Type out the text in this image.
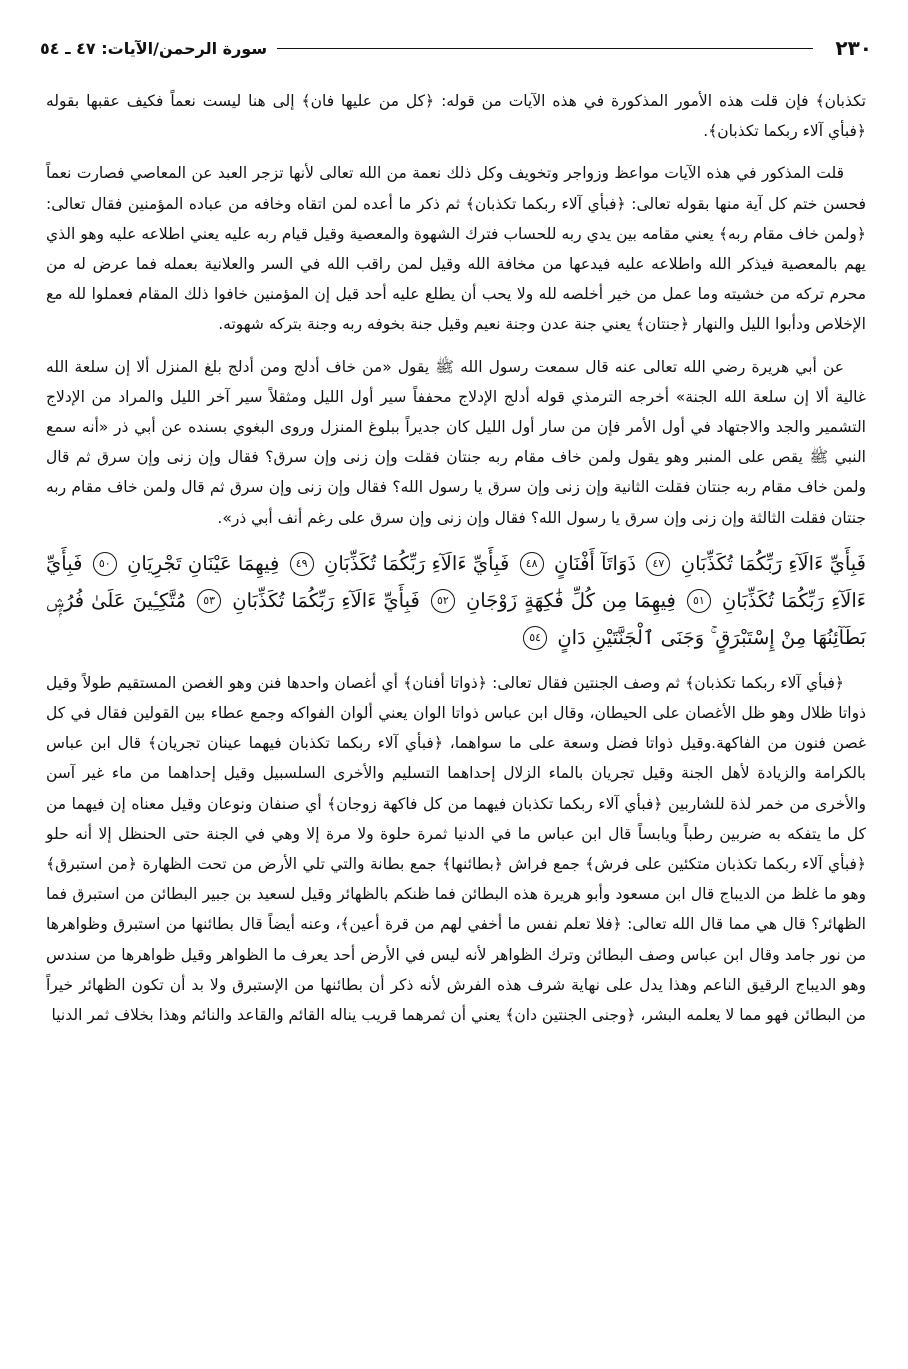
٢٣٠
سورة الرحمن/الآيات: ٤٧ ـ ٥٤

تكذبان﴾ فإن قلت هذه الأمور المذكورة في هذه الآيات من قوله: ﴿كل من عليها فان﴾ إلى هنا ليست نعماً فكيف عقبها بقوله ﴿فبأي آلاء ربكما تكذبان﴾.

قلت المذكور في هذه الآيات مواعظ وزواجر وتخويف وكل ذلك نعمة من الله تعالى لأنها تزجر العبد عن المعاصي فصارت نعماً فحسن ختم كل آية منها بقوله تعالى: ﴿فبأي آلاء ربكما تكذبان﴾ ثم ذكر ما أعده لمن اتقاه وخافه من عباده المؤمنين فقال تعالى: ﴿ولمن خاف مقام ربه﴾ يعني مقامه بين يدي ربه للحساب فترك الشهوة والمعصية وقيل قيام ربه عليه يعني اطلاعه عليه وهو الذي يهم بالمعصية فيذكر الله واطلاعه عليه فيدعها من مخافة الله وقيل لمن راقب الله في السر والعلانية بعمله فما عرض له من محرم تركه من خشيته وما عمل من خير أخلصه لله ولا يحب أن يطلع عليه أحد قيل إن المؤمنين خافوا ذلك المقام فعملوا لله مع الإخلاص ودأبوا الليل والنهار ﴿جنتان﴾ يعني جنة عدن وجنة نعيم وقيل جنة بخوفه ربه وجنة بتركه شهوته.

عن أبي هريرة رضي الله تعالى عنه قال سمعت رسول الله ﷺ يقول «من خاف أدلج ومن أدلج بلغ المنزل ألا إن سلعة الله غالية ألا إن سلعة الله الجنة» أخرجه الترمذي قوله أدلج الإدلاج محففاً سير أول الليل ومثقلاً سير آخر الليل والمراد من الإدلاج التشمير والجد والاجتهاد في أول الأمر فإن من سار أول الليل كان جديراً ببلوغ المنزل وروى البغوي بسنده عن أبي ذر «أنه سمع النبي ﷺ يقص على المنبر وهو يقول ولمن خاف مقام ربه جنتان فقلت وإن زنى وإن سرق؟ فقال وإن زنى وإن سرق ثم قال ولمن خاف مقام ربه جنتان فقلت الثانية وإن زنى وإن سرق يا رسول الله؟ فقال وإن زنى وإن سرق ثم قال ولمن خاف مقام ربه جنتان فقلت الثالثة وإن زنى وإن سرق يا رسول الله؟ فقال وإن زنى وإن سرق على رغم أنف أبي ذر».

فَبِأَيِّ ءَالَآءِ رَبِّكُمَا تُكَذِّبَانِ ٤٧ ذَوَاتَآ أَفْنَانٍ ٤٨ فَبِأَيِّ ءَالَآءِ رَبِّكُمَا تُكَذِّبَانِ ٤٩ فِيهِمَا عَيْنَانِ تَجْرِيَانِ ٥٠ فَبِأَيِّ ءَالَآءِ رَبِّكُمَا تُكَذِّبَانِ ٥١ فِيهِمَا مِن كُلِّ فَٰكِهَةٍ زَوْجَانِ ٥٢ فَبِأَيِّ ءَالَآءِ رَبِّكُمَا تُكَذِّبَانِ ٥٣ مُتَّكِـِٔينَ عَلَىٰ فُرُشٍۭ بَطَآئِنُهَا مِنْ إِسْتَبْرَقٍ ۚ وَجَنَى ٱلْجَنَّتَيْنِ دَانٍ ٥٤

﴿فبأي آلاء ربكما تكذبان﴾ ثم وصف الجنتين فقال تعالى: ﴿ذواتا أفنان﴾ أي أغصان واحدها فنن وهو الغصن المستقيم طولاً وقيل ذواتا ظلال وهو ظل الأغصان على الحيطان، وقال ابن عباس ذواتا الوان يعني ألوان الفواكه وجمع عطاء بين القولين فقال في كل غصن فنون من الفاكهة.وقيل ذواتا فضل وسعة على ما سواهما، ﴿فبأي آلاء ربكما تكذبان فيهما عينان تجريان﴾ قال ابن عباس بالكرامة والزيادة لأهل الجنة وقيل تجريان بالماء الزلال إحداهما التسليم والأخرى السلسبيل وقيل إحداهما من ماء غير آسن والأخرى من خمر لذة للشاربين ﴿فبأي آلاء ربكما تكذبان فيهما من كل فاكهة زوجان﴾ أي صنفان ونوعان وقيل معناه إن فيهما من كل ما يتفكه به ضربين رطباً ويابساً قال ابن عباس ما في الدنيا ثمرة حلوة ولا مرة إلا وهي في الجنة حتى الحنظل إلا أنه حلو ﴿فبأي آلاء ربكما تكذبان متكئين على فرش﴾ جمع فراش ﴿بطائنها﴾ جمع بطانة والتي تلي الأرض من تحت الظهارة ﴿من استبرق﴾ وهو ما غلظ من الديباج قال ابن مسعود وأبو هريرة هذه البطائن فما ظنكم بالظهائر وقيل لسعيد بن جبير البطائن من استبرق فما الظهائر؟ قال هي مما قال الله تعالى: ﴿فلا تعلم نفس ما أخفي لهم من قرة أعين﴾، وعنه أيضاً قال بطائنها من استبرق وظواهرها من نور جامد وقال ابن عباس وصف البطائن وترك الظواهر لأنه ليس في الأرض أحد يعرف ما الظواهر وقيل ظواهرها من سندس وهو الديباج الرقيق الناعم وهذا يدل على نهاية شرف هذه الفرش لأنه ذكر أن بطائنها من الإستبرق ولا بد أن تكون الظهائر خيراً من البطائن فهو مما لا يعلمه البشر، ﴿وجنى الجنتين دان﴾ يعني أن ثمرهما قريب يناله القائم والقاعد والنائم وهذا بخلاف ثمر الدنيا
